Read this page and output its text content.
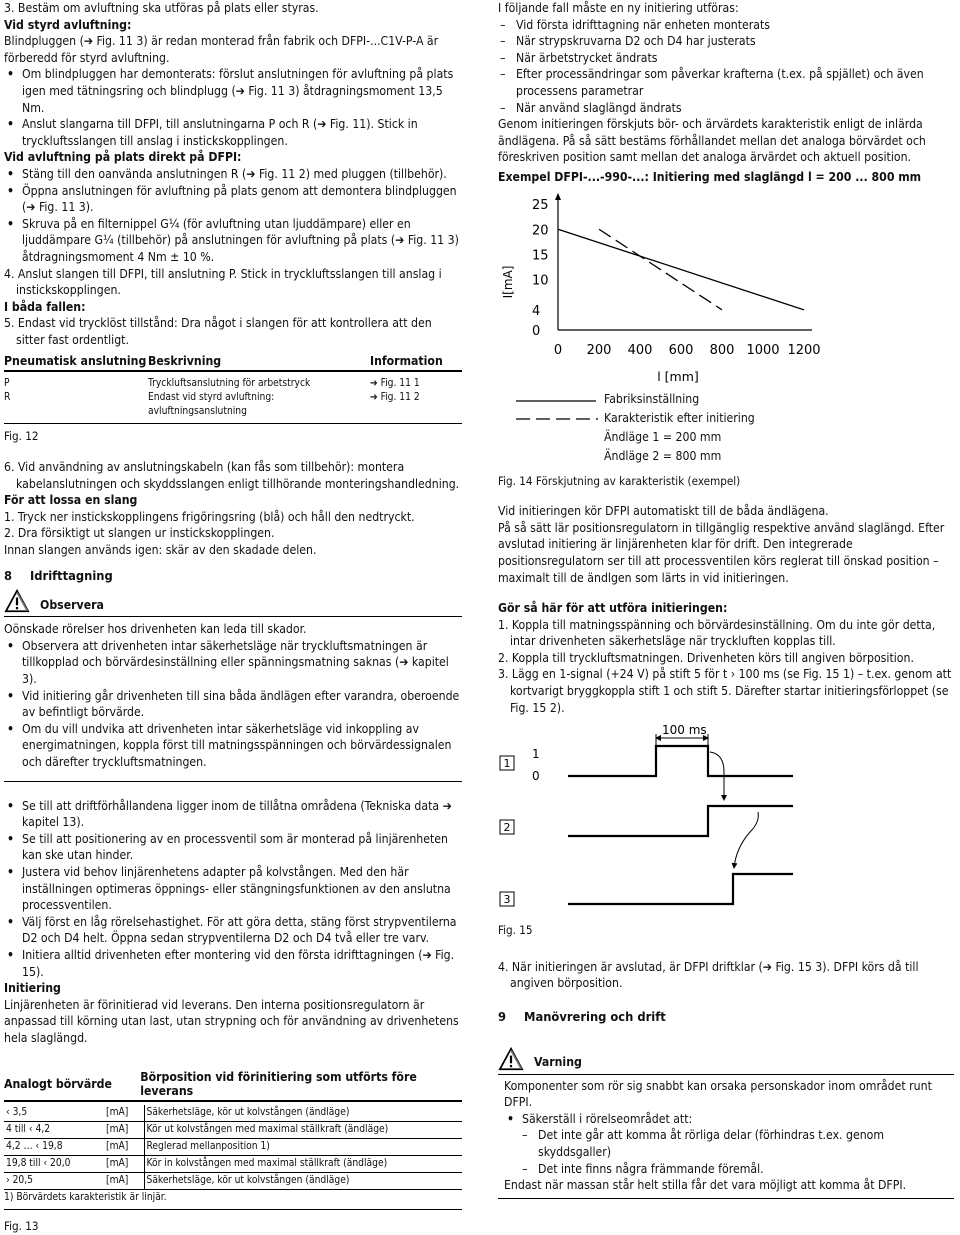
3. Bestäm om avluftning ska utföras på plats eller styras.

Vid styrd avluftning:

Blindpluggen (➔ Fig. 11 3) är redan monterad från fabrik och DFPI-...C1V-P-A är förberedd för styrd avluftning.

• Om blindpluggen har demonterats: förslut anslutningen för avluftning på plats igen med tätningsring och blindplugg (➔ Fig. 11 3) åtdragningsmoment 13,5 Nm.

• Anslut slangarna till DFPI, till anslutningarna P och R (➔ Fig. 11). Stick in tryckluftsslangen till anslag i instickskopplingen.

Vid avluftning på plats direkt på DFPI:

• Stäng till den oanvända anslutningen R (➔ Fig. 11 2) med pluggen (tillbehör).

• Öppna anslutningen för avluftning på plats genom att demontera blindpluggen (➔ Fig. 11 3).

• Skruva på en filternippel G¼ (för avluftning utan ljuddämpare) eller en ljuddämpare G¼ (tillbehör) på anslutningen för avluftning på plats (➔ Fig. 11 3) åtdragningsmoment 4 Nm ± 10 %.

4. Anslut slangen till DFPI, till anslutning P. Stick in tryckluftsslangen till anslag i instickskopplingen.

I båda fallen:

5. Endast vid trycklöst tillstånd: Dra något i slangen för att kontrollera att den sitter fast ordentligt.

Pneumatisk anslutning	Beskrivning	Information

P	Tryckluftsanslutning för arbetstryck	➔ Fig. 11 1
R	Endast vid styrd avluftning: avluftningsanslutning	➔ Fig. 11 2

Fig. 12

6. Vid användning av anslutningskabeln (kan fås som tillbehör): montera kabelanslutningen och skyddsslangen enligt tillhörande monteringshandledning.

För att lossa en slang

1. Tryck ner instickskopplingens frigöringsring (blå) och håll den nedtryckt.

2. Dra försiktigt ut slangen ur instickskopplingen.

Innan slangen används igen: skär av den skadade delen.

8 Idrifttagning
Observera

Oönskade rörelser hos drivenheten kan leda till skador.

• Observera att drivenheten intar säkerhetsläge när tryckluftsmatningen är tillkopplad och börvärdesinställning eller spänningsmatning saknas (➔ kapitel 3).

• Vid initiering går drivenheten till sina båda ändlägen efter varandra, oberoende av befintligt börvärde.

• Om du vill undvika att drivenheten intar säkerhetsläge vid inkoppling av energimatningen, koppla först till matningsspänningen och börvärdessignalen och därefter tryckluftsmatningen.

• Se till att driftförhållandena ligger inom de tillåtna områdena (Tekniska data ➔ kapitel 13).

• Se till att positionering av en processventil som är monterad på linjärenheten kan ske utan hinder.

• Justera vid behov linjärenhetens adapter på kolvstången. Med den här inställningen optimeras öppnings- eller stängningsfunktionen av den anslutna processventilen.

• Välj först en låg rörelsehastighet. För att göra detta, stäng först strypventilerna D2 och D4 helt. Öppna sedan strypventilerna D2 och D4 två eller tre varv.

• Initiera alltid drivenheten efter montering vid den första idrifttagningen (➔ Fig. 15).

Initiering

Linjärenheten är förinitierad vid leverans. Den interna positionsregulatorn är anpassad till körning utan last, utan strypning och för användning av drivenhetens hela slaglängd.

Analogt börvärde	Börposition vid förinitiering som utförts före leverans

‹ 3,5	[mA]	Säkerhetsläge, kör ut kolvstången (ändläge)
4 till ‹ 4,2	[mA]	Kör ut kolvstången med maximal ställkraft (ändläge)
4,2 … ‹ 19,8	[mA]	Reglerad mellanposition 1)
19,8 till ‹ 20,0	[mA]	Kör in kolvstången med maximal ställkraft (ändläge)
› 20,5	[mA]	Säkerhetsläge, kör ut kolvstången (ändläge)

1) Börvärdets karakteristik är linjär.

Fig. 13

I följande fall måste en ny initiering utföras:

– Vid första idrifttagning när enheten monterats

– När strypskruvarna D2 och D4 har justerats

– När ärbetstrycket ändrats

– Efter processändringar som påverkar krafterna (t.ex. på spjället) och även processens parametrar

– När använd slaglängd ändrats

Genom initieringen förskjuts bör- och ärvärdets karakteristik enligt de inlärda ändlägena. På så sätt bestäms förhållandet mellan det analoga börvärdet och föreskriven position samt mellan det analoga ärvärdet och aktuell position.

Exempel DFPI-...-990-...: Initiering med slaglängd l = 200 ... 800 mm

0
4
10
15
20
25
0 200 400 600 800 1000 1200
I[mA]
l [mm]

Fabriksinställning

Karakteristik efter initiering

Ändläge 1 = 200 mm

Ändläge 2 = 800 mm

Fig. 14 Förskjutning av karakteristik (exempel)

Vid initieringen kör DFPI automatiskt till de båda ändlägena.

På så sätt lär positionsregulatorn in tillgänglig respektive använd slaglängd. Efter avslutad initiering är linjärenheten klar för drift. Den integrerade positionsregulatorn ser till att processventilen körs reglerat till önskad position – maximalt till de ändlgen som lärts in vid initieringen.

Gör så här för att utföra initieringen:

1. Koppla till matningsspänning och börvärdesinställning. Om du inte gör detta, intar drivenheten säkerhetsläge när tryckluften kopplas till.

2. Koppla till tryckluftsmatningen. Drivenheten körs till angiven börposition.

3. Lägg en 1-signal (+24 V) på stift 5 för t › 100 ms (se Fig. 15 1) – t.ex. genom att kortvarigt bryggkoppla stift 1 och stift 5. Därefter startar initieringsförloppet (se Fig. 15 2).

100 ms
1
1
0
2
3

Fig. 15

4. När initieringen är avslutad, är DFPI driftklar (➔ Fig. 15 3). DFPI körs då till angiven börposition.

9 Manövrering och drift
Varning

Komponenter som rör sig snabbt kan orsaka personskador inom området runt DFPI.

• Säkerställ i rörelseområdet att:

– Det inte går att komma åt rörliga delar (förhindras t.ex. genom skyddsgaller)

– Det inte finns några främmande föremål.

Endast när massan står helt stilla får det vara möjligt att komma åt DFPI.
